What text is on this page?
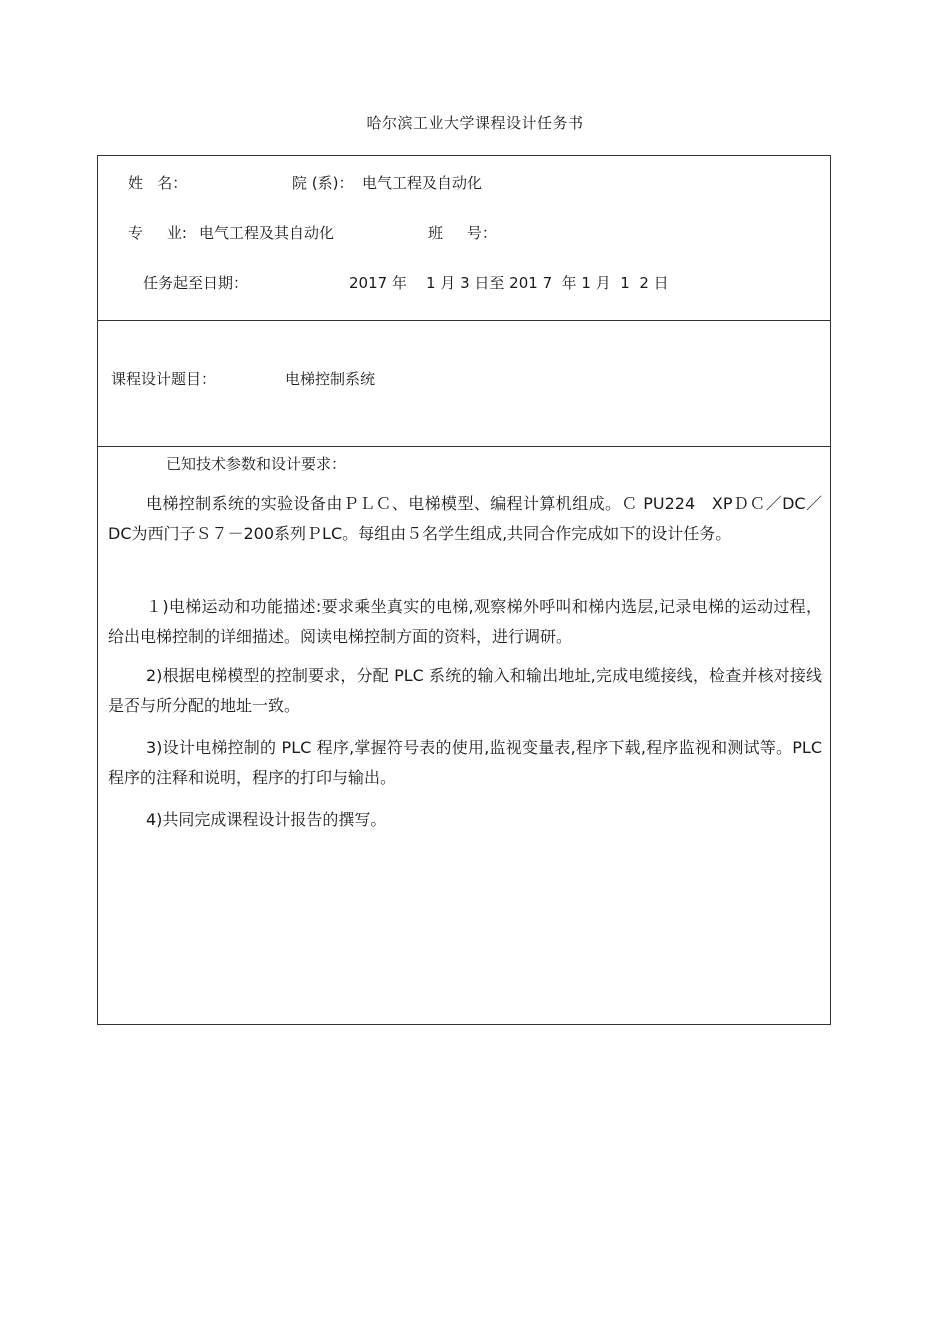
哈尔滨工业大学课程设计任务书
姓   名：	院 (系)： 电气工程及自动化
专     业: 电气工程及其自动化	班     号：
任务起至日期：	2017 年    1 月 3 日至 201 7  年 1 月  1  2 日
课程设计题目：	电梯控制系统
已知技术参数和设计要求：
电梯控制系统的实验设备由ＰＬＣ、电梯模型、编程计算机组成。Ｃ PU224　XPＤＣ／DC／DC为西门子Ｓ７－200系列ＰLC。每组由５名学生组成,共同合作完成如下的设计任务。
１)电梯运动和功能描述:要求乘坐真实的电梯,观察梯外呼叫和梯内选层,记录电梯的运动过程，给出电梯控制的详细描述。阅读电梯控制方面的资料，进行调研。
2)根据电梯模型的控制要求，分配 PLC 系统的输入和输出地址,完成电缆接线，检查并核对接线是否与所分配的地址一致。
3)设计电梯控制的 PLC 程序,掌握符号表的使用,监视变量表,程序下载,程序监视和测试等。PLC 程序的注释和说明，程序的打印与输出。
4)共同完成课程设计报告的撰写。
